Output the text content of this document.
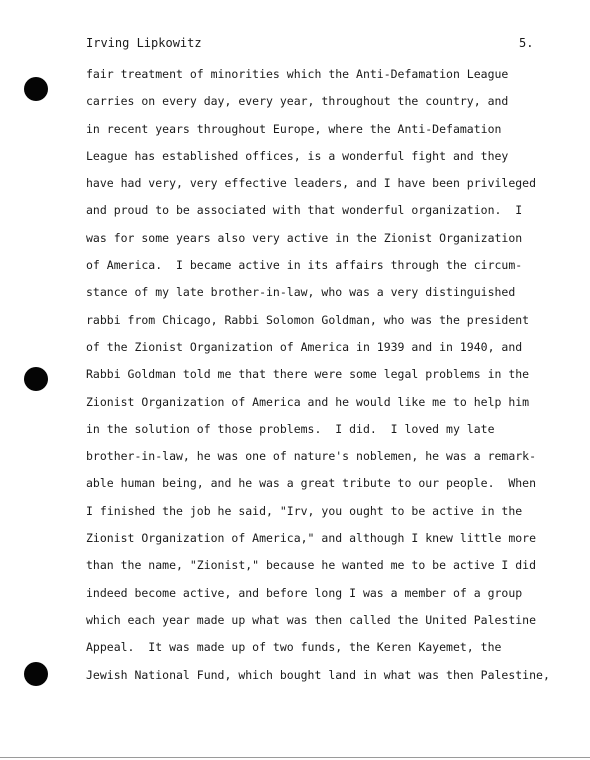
Irving Lipkowitz	5.
fair treatment of minorities which the Anti-Defamation League
carries on every day, every year, throughout the country, and
in recent years throughout Europe, where the Anti-Defamation
League has established offices, is a wonderful fight and they
have had very, very effective leaders, and I have been privileged
and proud to be associated with that wonderful organization.  I
was for some years also very active in the Zionist Organization
of America.  I became active in its affairs through the circum-
stance of my late brother-in-law, who was a very distinguished
rabbi from Chicago, Rabbi Solomon Goldman, who was the president
of the Zionist Organization of America in 1939 and in 1940, and
Rabbi Goldman told me that there were some legal problems in the
Zionist Organization of America and he would like me to help him
in the solution of those problems.  I did.  I loved my late
brother-in-law, he was one of nature's noblemen, he was a remark-
able human being, and he was a great tribute to our people.  When
I finished the job he said, "Irv, you ought to be active in the
Zionist Organization of America," and although I knew little more
than the name, "Zionist," because he wanted me to be active I did
indeed become active, and before long I was a member of a group
which each year made up what was then called the United Palestine
Appeal.  It was made up of two funds, the Keren Kayemet, the
Jewish National Fund, which bought land in what was then Palestine,
